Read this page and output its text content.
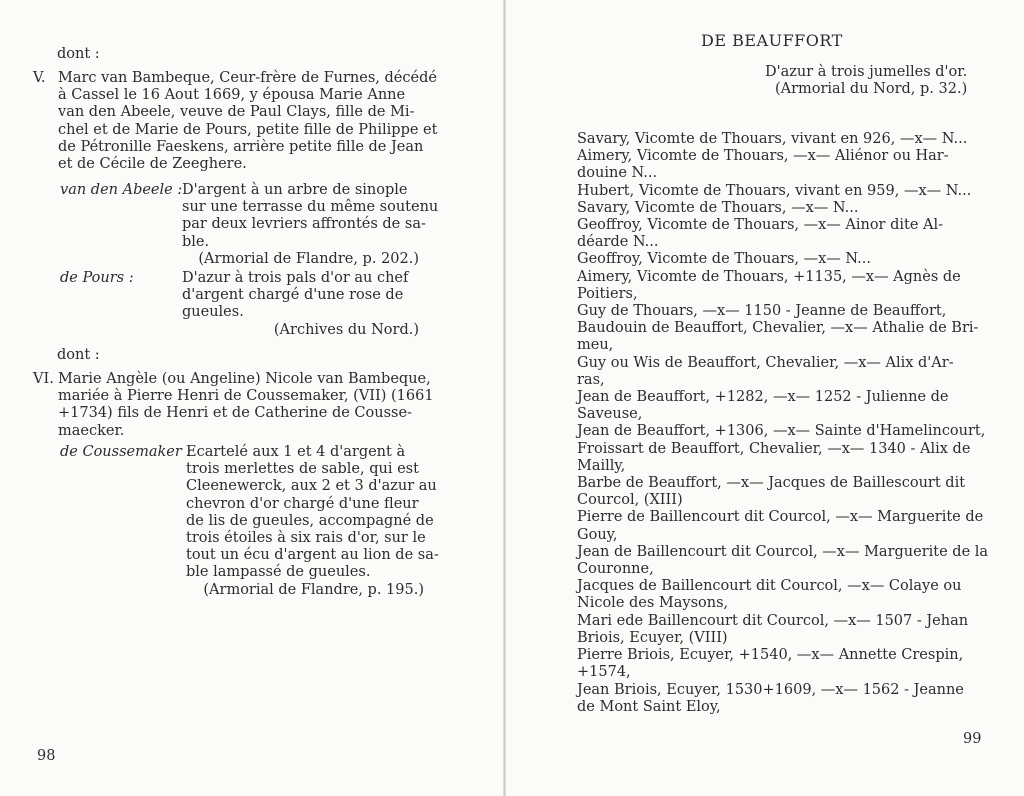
dont :
V. Marc van Bambeque, Ceur-frère de Furnes, décédé
à Cassel le 16 Aout 1669, y épousa Marie Anne
van den Abeele, veuve de Paul Clays, fille de Mi-
chel et de Marie de Pours, petite fille de Philippe et
de Pétronille Faeskens, arrière petite fille de Jean
et de Cécile de Zeeghere.
van den Abeele : D'argent à un arbre de sinople
sur une terrasse du même soutenu
par deux levriers affrontés de sa-
ble.
(Armorial de Flandre, p. 202.)
de Pours :	D'azur à trois pals d'or au chef
d'argent chargé d'une rose de
gueules.
(Archives du Nord.)
dont :
VI. Marie Angèle (ou Angeline) Nicole van Bambeque,
mariée à Pierre Henri de Coussemaker, (VII) (1661
+1734) fils de Henri et de Catherine de Cousse-
maecker.
de Coussemaker :
Ecartelé aux 1 et 4 d'argent à
trois merlettes de sable, qui est
Cleenewerck, aux 2 et 3 d'azur au
chevron d'or chargé d'une fleur
de lis de gueules, accompagné de
trois étoiles à six rais d'or, sur le
tout un écu d'argent au lion de sa-
ble lampassé de gueules.
(Armorial de Flandre, p. 195.)
98
DE BEAUFFORT
D'azur à trois jumelles d'or.
(Armorial du Nord, p. 32.)
Savary, Vicomte de Thouars, vivant en 926, —x— N...
Aimery, Vicomte de Thouars, —x— Aliénor ou Har-
douine N...
Hubert, Vicomte de Thouars, vivant en 959, —x— N...
Savary, Vicomte de Thouars, —x— N...
Geoffroy, Vicomte de Thouars, —x— Ainor dite Al-
déarde N...
Geoffroy, Vicomte de Thouars, —x— N...
Aimery, Vicomte de Thouars, +1135, —x— Agnès de
Poitiers,
Guy de Thouars, —x— 1150 - Jeanne de Beauffort,
Baudouin de Beauffort, Chevalier, —x— Athalie de Bri-
meu,
Guy ou Wis de Beauffort, Chevalier, —x— Alix d'Ar-
ras,
Jean de Beauffort, +1282, —x— 1252 - Julienne de
Saveuse,
Jean de Beauffort, +1306, —x— Sainte d'Hamelincourt,
Froissart de Beauffort, Chevalier, —x— 1340 - Alix de
Mailly,
Barbe de Beauffort, —x— Jacques de Baillescourt dit
Courcol, (XIII)
Pierre de Baillencourt dit Courcol, —x— Marguerite de
Gouy,
Jean de Baillencourt dit Courcol, —x— Marguerite de la
Couronne,
Jacques de Baillencourt dit Courcol, —x— Colaye ou
Nicole des Maysons,
Mari ede Baillencourt dit Courcol, —x— 1507 - Jehan
Briois, Ecuyer, (VIII)
Pierre Briois, Ecuyer, +1540, —x— Annette Crespin,
+1574,
Jean Briois, Ecuyer, 1530+1609, —x— 1562 - Jeanne
de Mont Saint Eloy,
99
